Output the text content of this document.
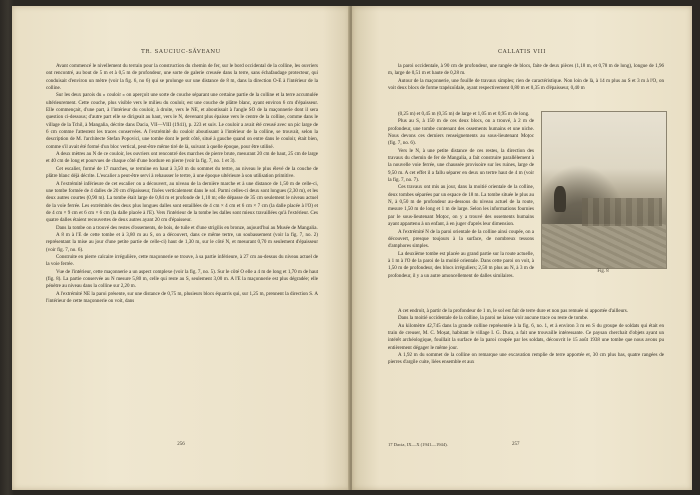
TR. SAUCIUC-SĂVEANU

Avant commencé le nivellement du terrain pour la construction du chemin de fer, sur le bord occidental de la colline, les ouvriers ont rencontré, au bout de 5 m et à 0,5 m de profondeur, une sorte de galerie creusée dans la terre, sans échafaudage protecteur, qui conduisait d'environ un mètre (voir la fig. 6, no 6) qui se prolonge sur une distance de 8 m, dans la direction O-E à l'intérieur de la colline.

Sur les deux parois du « couloir » on aperçoit une sorte de couche séparant une certaine partie de la colline et la terre accumulée ultérieurement. Cette couche, plus visible vers le milieu du couloir, est une couche de plâtre blanc, ayant environ 6 cm d'épaisseur. Elle commençait, d'une part, à l'intérieur du couloir, à droite, vers le NE, et aboutissait à l'angle SO de la maçonnerie dont il sera question ci-dessous; d'autre part elle se dirigeait au haut, vers le N, devenant plus épaisse vers le centre de la colline, comme dans le village de la Tchil, à Mangalia, décrite dans Dacia, VII—VIII (1941), p. 223 et suiv. Le couloir a avait été creusé avec un pic large de 6 cm comme l'attestent les traces conservées. A l'extrémité du couloir aboutissant à l'intérieur de la colline, se trouvait, selon la description de M. l'architecte Stefan Popovici, une tombe dont le petit côté, situé à gauche quand on entre dans le couloir, était bien, comme s'il avait été formé d'un bloc vertical, peut-être même tiré de là, suivant à quelle époque, pour être utilisé.

A deux mètres au N de ce couloir, les ouvriers ont rencontré des marches de pierre brute, mesurant 20 cm de haut, 25 cm de large et 40 cm de long et pourvues de chaque côté d'une bordure en pierre (voir la fig. 7, no. 1 et 3).

Cet escalier, formé de 17 marches, se termine en haut à 3,50 m du sommet du tertre, au niveau le plus élevé de la couche de plâtre blanc déjà décrite. L'escalier a peut-être servi à rehausser le tertre, à une époque ultérieure à son utilisation primitive.

A l'extrémité inférieure de cet escalier on a découvert, au niveau de la dernière marche et à une distance de 1,50 m de celle-ci, une tombe formée de 4 dalles de 20 cm d'épaisseur, fixées verticalement dans le sol. Parmi celles-ci deux sont longues (2,30 m), et les deux autres courtes (0,90 m). La tombe était large de 0,84 m et profonde de 1,10 m; elle dépasse de 35 cm seulement le niveau actuel de la voie ferrée. Les extrémités des deux plus longues dalles sont entaillées de 4 cm × 4 cm et 6 cm × 7 cm (la dalle placée à l'O) et de 4 cm × 9 cm et 6 cm × 6 cm (la dalle placée à l'E). Vers l'intérieur de la tombe les dalles sont mieux travaillées qu'à l'extérieur. Ces quatre dalles étaient recouvertes de deux autres ayant 20 cm d'épaisseur.

Dans la tombe on a trouvé des restes d'ossements, de bois, de tuile et d'une strigilis en bronze, aujourd'hui au Musée de Mangalia.

A 8 m à l'E de cette tombe et à 3,80 m au S, on a découvert, dans ce même tertre, un soubassement (voir la fig. 7, no. 2) représentant la mise au jour d'une petite partie de celle-ci) haut de 1,30 m, sur le côté N, et mesurant 0,70 m seulement d'épaisseur (voir fig. 7, no. 6).

Construite en pierre calcaire irrégulière, cette maçonnerie se trouve, à sa partie inférieure, à 27 cm au-dessus du niveau actuel de la voie ferrée.

Vue de l'intérieur, cette maçonnerie a un aspect complexe (voir la fig. 7, no. 5). Sur le côté O elle a 4 m de long et 1,70 m de haut (fig. 8). La partie conservée au N mesure 5,80 m, celle qui reste au S, seulement 3,00 m. A l'E la maçonnerie est plus dégradée; elle pénètre au niveau dans la colline sur 2,20 m.

A l'extrémité NE la paroi présente, sur une distance de 0,75 m, plusieurs blocs équarris qui, sur 1,25 m, prennent la direction S. A l'intérieur de cette maçonnerie on voit, dans

256
CALLATIS VIII

la paroi occidentale, à 90 cm de profondeur, une rangée de blocs, faite de deux pièces (1,18 m, et 0,78 m de long), longue de 1,96 m, large de 0,51 m et haute de 0,28 m.

Autour de la maçonnerie, une fouille de travaux simples; rien de caractéristique. Non loin de là, à 14 m plus au S et 3 m à l'O, on voit deux blocs de forme trapézoïdale, ayant respectivement 0,80 m et 0,35 m d'épaisseur, 0,40 m

(0,25 m) et 0,45 m (0,35 m) de large et 1,05 m et 0,95 m de long.

Plus au S, à 150 m de ces deux blocs, on a trouvé, à 2 m de profondeur, une tombe contenant des ossements humains et une niche. Nous devons ces derniers renseignements au sous-lieutenant Moțoc (fig. 7, no. 6).

Vers le N, à une petite distance de ces restes, la direction des travaux du chemin de fer de Mangalia, a fait construire parallèlement à la nouvelle voie ferrée, une chaussée provisoire sur les ruines, large de 9,50 m. A cet effet il a fallu séparer en deux un tertre haut de 4 m (voir la fig. 7, no. 7).

Ces travaux ont mis au jour, dans la moitié orientale de la colline, deux tombes séparées par un espace de 18 m. La tombe située le plus au N, à 0,50 m de profondeur au-dessous du niveau actuel de la route, mesure 1,50 m de long et 1 m de large. Selon les informations fournies par le sous-lieutenant Moțoc, on y a trouvé des ossements humains ayant appartenu à un enfant, à en juger d'après leur dimension.

A l'extrémité N de la paroi orientale de la colline ainsi coupée, on a découvert, presque toujours à la surface, de nombreux tessons d'amphores simples.

La deuxième tombe est placée au grand partie sur la route actuelle, à 1 m à l'O de la paroi de la moitié orientale. Dans cette paroi on voit, à 1,50 m de profondeur, des blocs irréguliers; 2,50 m plus au N, à 3 m de profondeur, il y a un autre amoncellement de dalles similaires.

Fig. 8

A cet endroit, à partir de la profondeur de 1 m, le sol est fait de terre dure et non pas remuée ni apportée d'ailleurs.

Dans la moitié occidentale de la colline, la paroi ne laisse voir aucune trace ou reste de tombe.

Au kilomètre 42,745 dans la grande colline représentée à la fig. 6, no. 1, et à environ 3 m en S du groupe de soldats qui était en train de creuser, M. C. Moșat, habitant le village I. G. Duca, a fait une trouvaille intéressante. Ce paysan cherchait d'objets ayant un intérêt archéologique, fouillait la surface de la paroi coupée par les soldats, découvrit le 15 août 1938 une tombe que nous avons pu entièrement dégager le même jour.

A 1,92 m du sommet de la colline on remarque une excavation remplie de terre apportée et, 30 cm plus bas, quatre rangées de pierres d'argile cuite, liées ensemble et aux

17 Dacia, IX—X (1941—1944).	257
